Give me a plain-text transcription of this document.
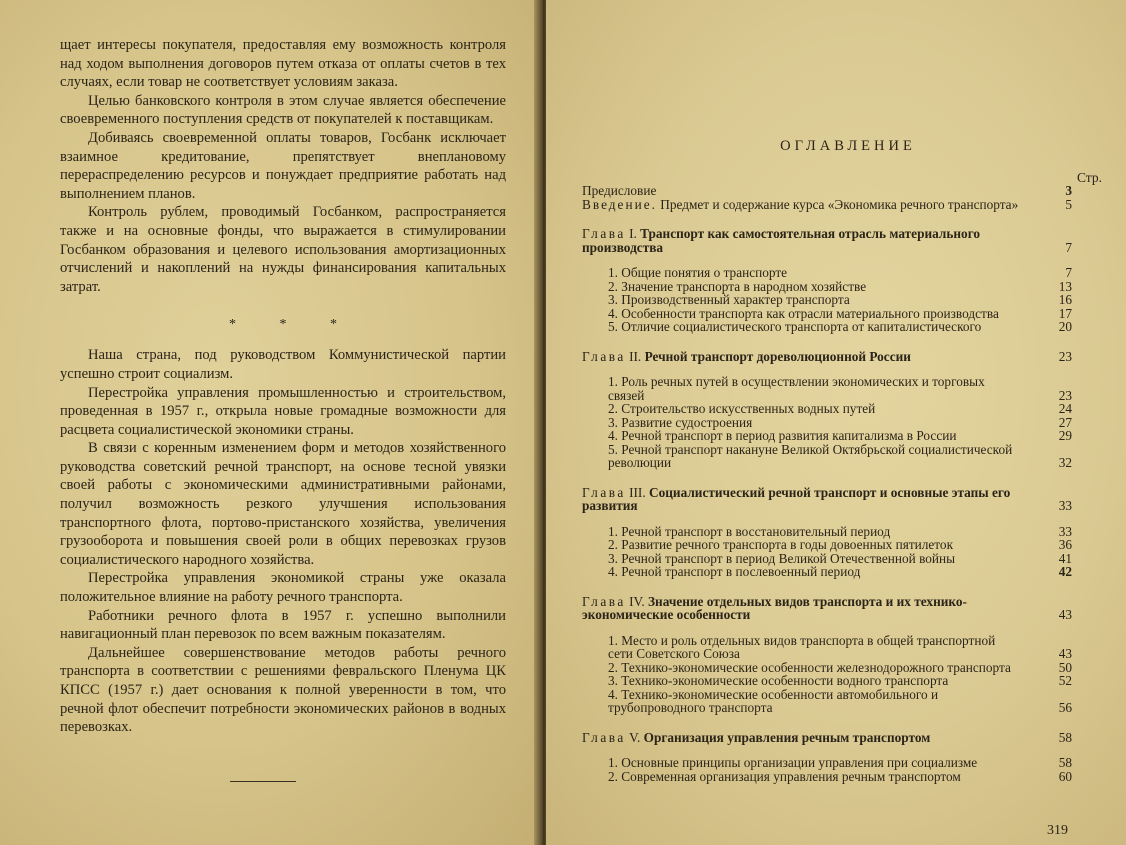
щает интересы покупателя, предоставляя ему возможность контроля над ходом выполнения договоров путем отказа от оплаты счетов в тех случаях, если товар не соответствует условиям заказа.

Целью банковского контроля в этом случае является обеспечение своевременного поступления средств от покупателей к поставщикам.

Добиваясь своевременной оплаты товаров, Госбанк исключает взаимное кредитование, препятствует внеплановому перераспределению ресурсов и понуждает предприятие работать над выполнением планов.

Контроль рублем, проводимый Госбанком, распространяется также и на основные фонды, что выражается в стимулировании Госбанком образования и целевого использования амортизационных отчислений и накоплений на нужды финансирования капитальных затрат.

* * *

Наша страна, под руководством Коммунистической партии успешно строит социализм.

Перестройка управления промышленностью и строительством, проведенная в 1957 г., открыла новые громадные возможности для расцвета социалистической экономики страны.

В связи с коренным изменением форм и методов хозяйственного руководства советский речной транспорт, на основе тесной увязки своей работы с экономическими административными районами, получил возможность резкого улучшения использования транспортного флота, портово-пристанского хозяйства, увеличения грузооборота и повышения своей роли в общих перевозках грузов социалистического народного хозяйства.

Перестройка управления экономикой страны уже оказала положительное влияние на работу речного транспорта.

Работники речного флота в 1957 г. успешно выполнили навигационный план перевозок по всем важным показателям.

Дальнейшее совершенствование методов работы речного транспорта в соответствии с решениями февральского Пленума ЦК КПСС (1957 г.) дает основания к полной уверенности в том, что речной флот обеспечит потребности экономических районов в водных перевозках.

ОГЛАВЛЕНИЕ

Стр.
Предисловие	3
Введение. Предмет и содержание курса «Экономика речного транспорта»	5
Глава I. Транспорт как самостоятельная отрасль материального производства	7
1. Общие понятия о транспорте	7
2. Значение транспорта в народном хозяйстве	13
3. Производственный характер транспорта	16
4. Особенности транспорта как отрасли материального производства	17
5. Отличие социалистического транспорта от капиталистического	20
Глава II. Речной транспорт дореволюционной России	23
1. Роль речных путей в осуществлении экономических и торговых связей	23
2. Строительство искусственных водных путей	24
3. Развитие судостроения	27
4. Речной транспорт в период развития капитализма в России	29
5. Речной транспорт накануне Великой Октябрьской социалистической революции	32
Глава III. Социалистический речной транспорт и основные этапы его развития	33
1. Речной транспорт в восстановительный период	33
2. Развитие речного транспорта в годы довоенных пятилеток	36
3. Речной транспорт в период Великой Отечественной войны	41
4. Речной транспорт в послевоенный период	42
Глава IV. Значение отдельных видов транспорта и их технико-экономические особенности	43
1. Место и роль отдельных видов транспорта в общей транспортной сети Советского Союза	43
2. Технико-экономические особенности железнодорожного транспорта	50
3. Технико-экономические особенности водного транспорта	52
4. Технико-экономические особенности автомобильного и трубопроводного транспорта	56
Глава V. Организация управления речным транспортом	58
1. Основные принципы организации управления при социализме	58
2. Современная организация управления речным транспортом	60
319
